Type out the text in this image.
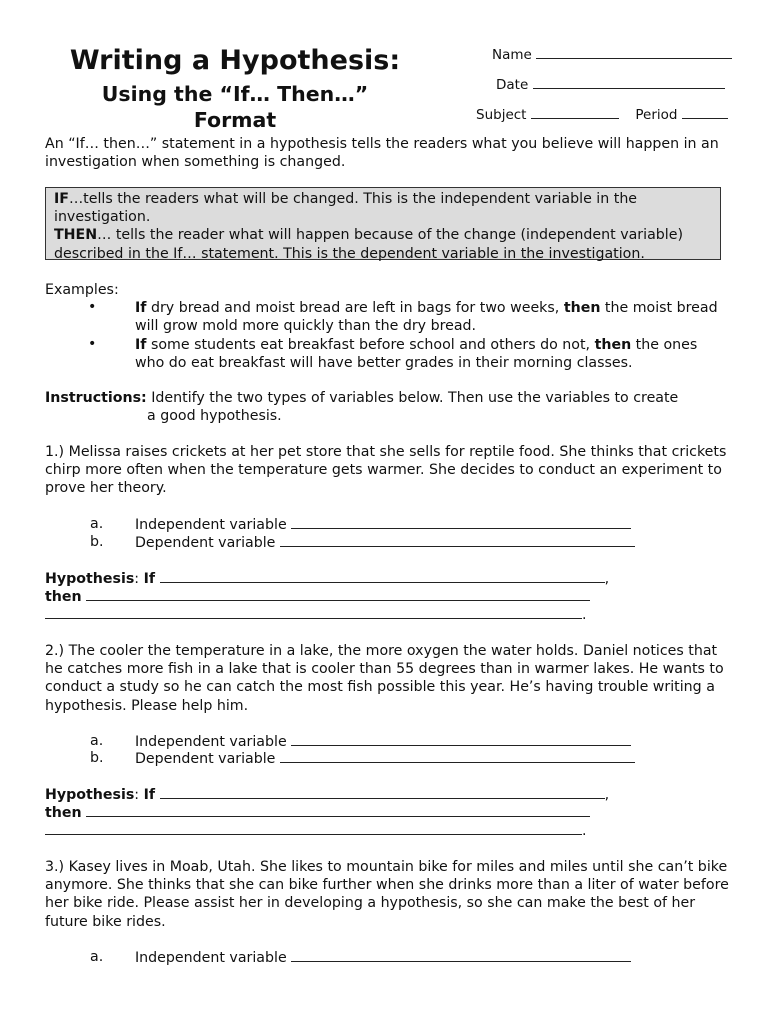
Writing a Hypothesis:
Using the “If… Then…”
Format
Name
Date
Subject	Period
An “If… then…” statement in a hypothesis tells the readers what you believe will happen in an investigation when something is changed.
IF…tells the readers what will be changed. This is the independent variable in the investigation.
THEN… tells the reader what will happen because of the change (independent variable) described in the If… statement. This is the dependent variable in the investigation.
Examples:
•	If dry bread and moist bread are left in bags for two weeks, then the moist bread will grow mold more quickly than the dry bread.
•	If some students eat breakfast before school and others do not, then the ones who do eat breakfast will have better grades in their morning classes.
Instructions: Identify the two types of variables below. Then use the variables to create
a good hypothesis.
1.) Melissa raises crickets at her pet store that she sells for reptile food. She thinks that crickets chirp more often when the temperature gets warmer. She decides to conduct an experiment to prove her theory.
a. Independent variable
b. Dependent variable
Hypothesis: If	,
then
.
2.) The cooler the temperature in a lake, the more oxygen the water holds. Daniel notices that he catches more fish in a lake that is cooler than 55 degrees than in warmer lakes. He wants to conduct a study so he can catch the most fish possible this year. He’s having trouble writing a hypothesis. Please help him.
a. Independent variable
b. Dependent variable
Hypothesis: If	,
then
.
3.) Kasey lives in Moab, Utah. She likes to mountain bike for miles and miles until she can’t bike anymore. She thinks that she can bike further when she drinks more than a liter of water before her bike ride. Please assist her in developing a hypothesis, so she can make the best of her future bike rides.
a. Independent variable
